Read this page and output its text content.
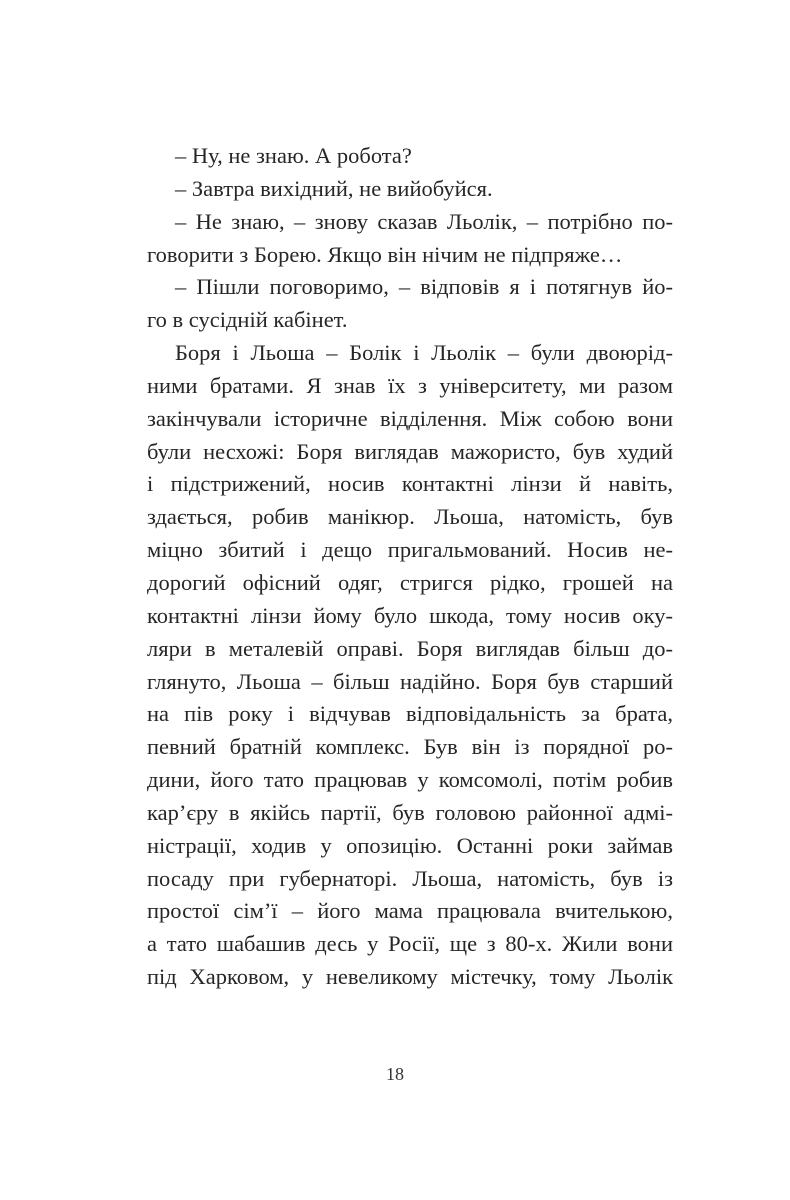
– Ну, не знаю. А робота?
– Завтра вихідний, не вийобуйся.
– Не знаю, – знову сказав Льолік, – потрібно по-
говорити з Борею. Якщо він нічим не підпряже…
– Пішли поговоримо, – відповів я і потягнув йо-
го в сусідній кабінет.
Боря і Льоша – Болік і Льолік – були двоюрід-
ними братами. Я знав їх з університету, ми разом
закінчували історичне відділення. Між собою вони
були несхожі: Боря виглядав мажористо, був худий
і підстрижений, носив контактні лінзи й навіть,
здається, робив манікюр. Льоша, натомість, був
міцно збитий і дещо пригальмований. Носив не-
дорогий офісний одяг, стригся рідко, грошей на
контактні лінзи йому було шкода, тому носив оку-
ляри в металевій оправі. Боря виглядав більш до-
глянуто, Льоша – більш надійно. Боря був старший
на пів року і відчував відповідальність за брата,
певний братній комплекс. Був він із порядної ро-
дини, його тато працював у комсомолі, потім робив
кар’єру в якійсь партії, був головою районної адмі-
ністрації, ходив у опозицію. Останні роки займав
посаду при губернаторі. Льоша, натомість, був із
простої сім’ї – його мама працювала вчителькою,
а тато шабашив десь у Росії, ще з 80-х. Жили вони
під Харковом, у невеликому містечку, тому Льолік
18
